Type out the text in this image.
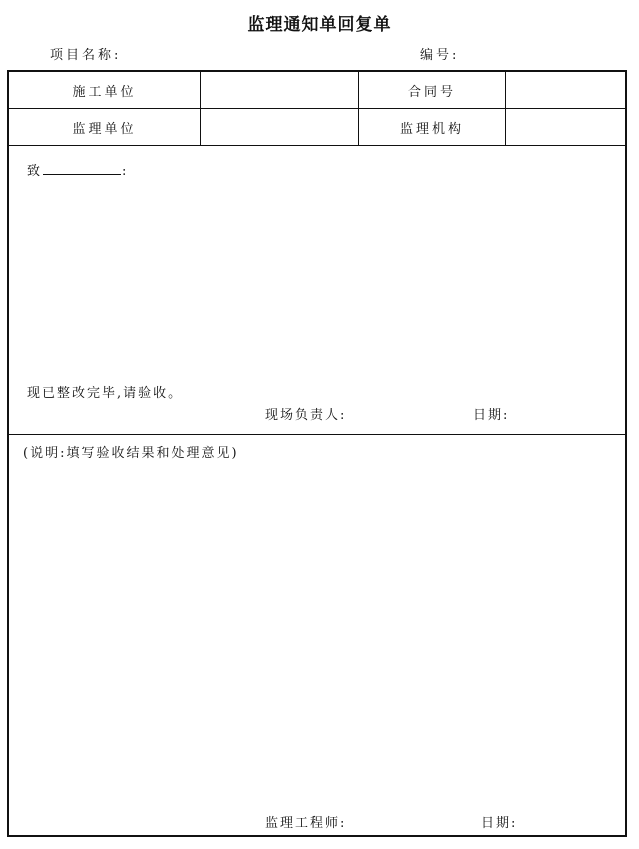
监理通知单回复单
项目名称:	编号:
施工单位	合同号
监理单位	监理机构
致	:
现已整改完毕,请验收。
现场负责人:	日期:
(说明:填写验收结果和处理意见)
监理工程师:	日期:
